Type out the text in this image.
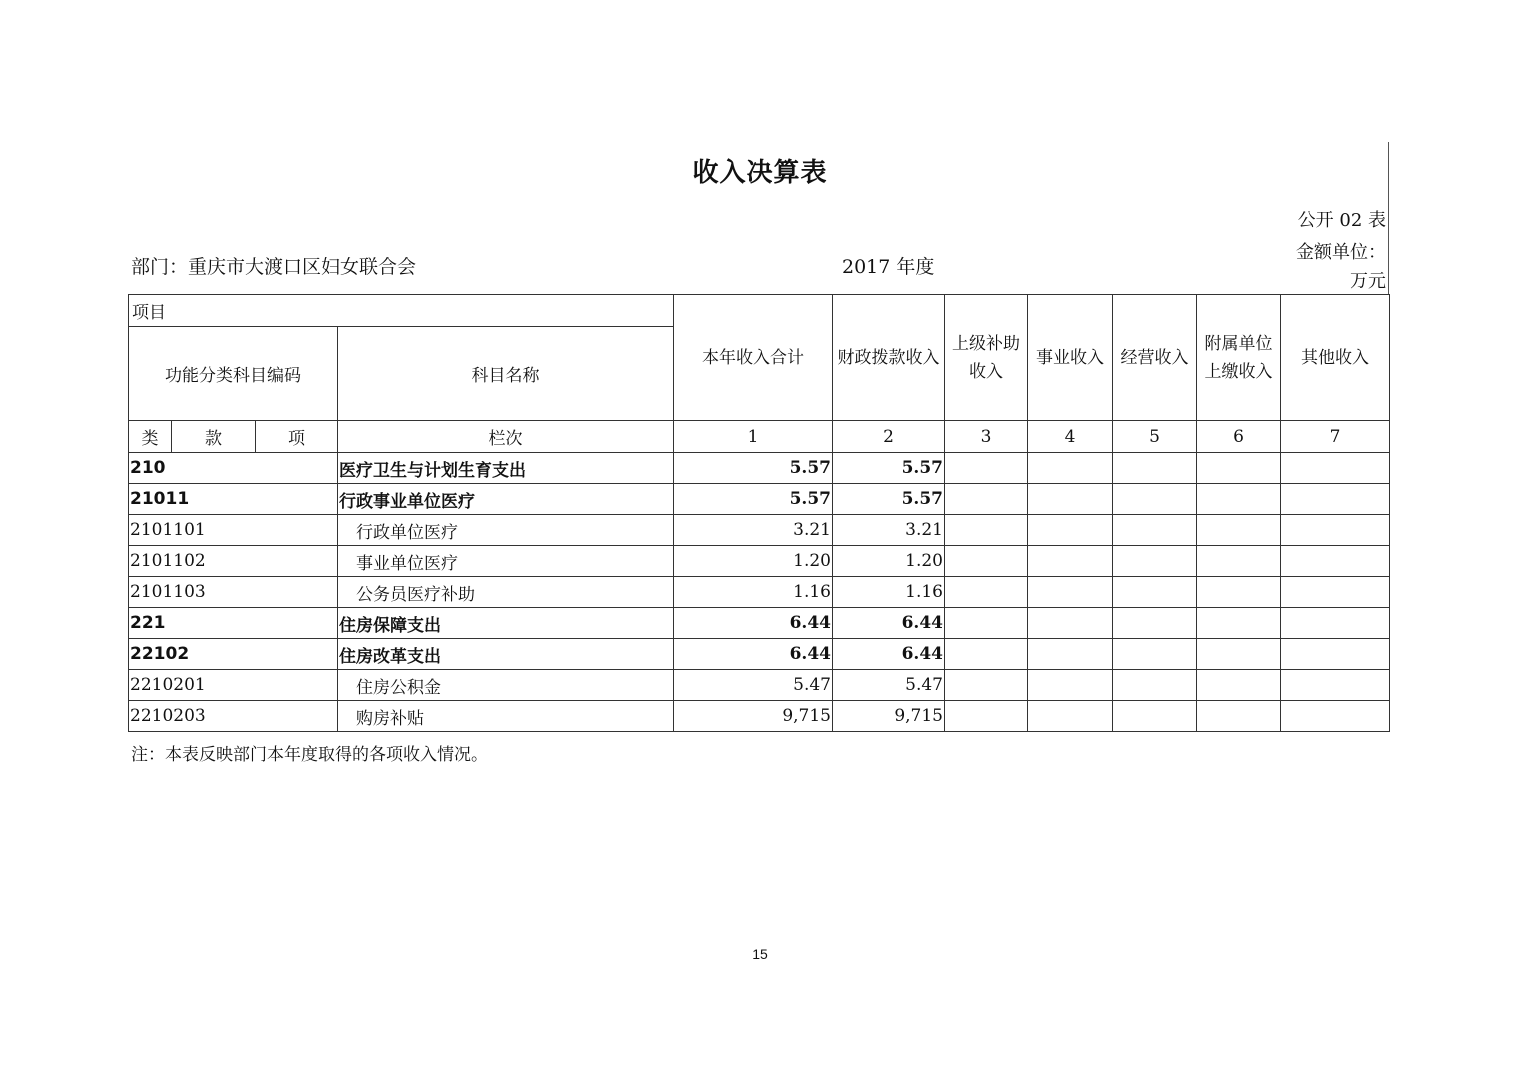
收入决算表
公开 02 表
金额单位：
万元
部门：重庆市大渡口区妇女联合会	2017 年度
项目				本年收入合计	财政拨款收入	上级补助收入	事业收入	经营收入	附属单位上缴收入	其他收入
功能分类科目编码			科目名称							
类	款	项	栏次	1	2	3	4	5	6	7
210			医疗卫生与计划生育支出	5.57	5.57					
21011			行政事业单位医疗	5.57	5.57					
2101101			行政单位医疗	3.21	3.21					
2101102			事业单位医疗	1.20	1.20					
2101103			公务员医疗补助	1.16	1.16					
221			住房保障支出	6.44	6.44					
22102			住房改革支出	6.44	6.44					
2210201			住房公积金	5.47	5.47					
2210203			购房补贴	9,715	9,715					
注：本表反映部门本年度取得的各项收入情况。
15
